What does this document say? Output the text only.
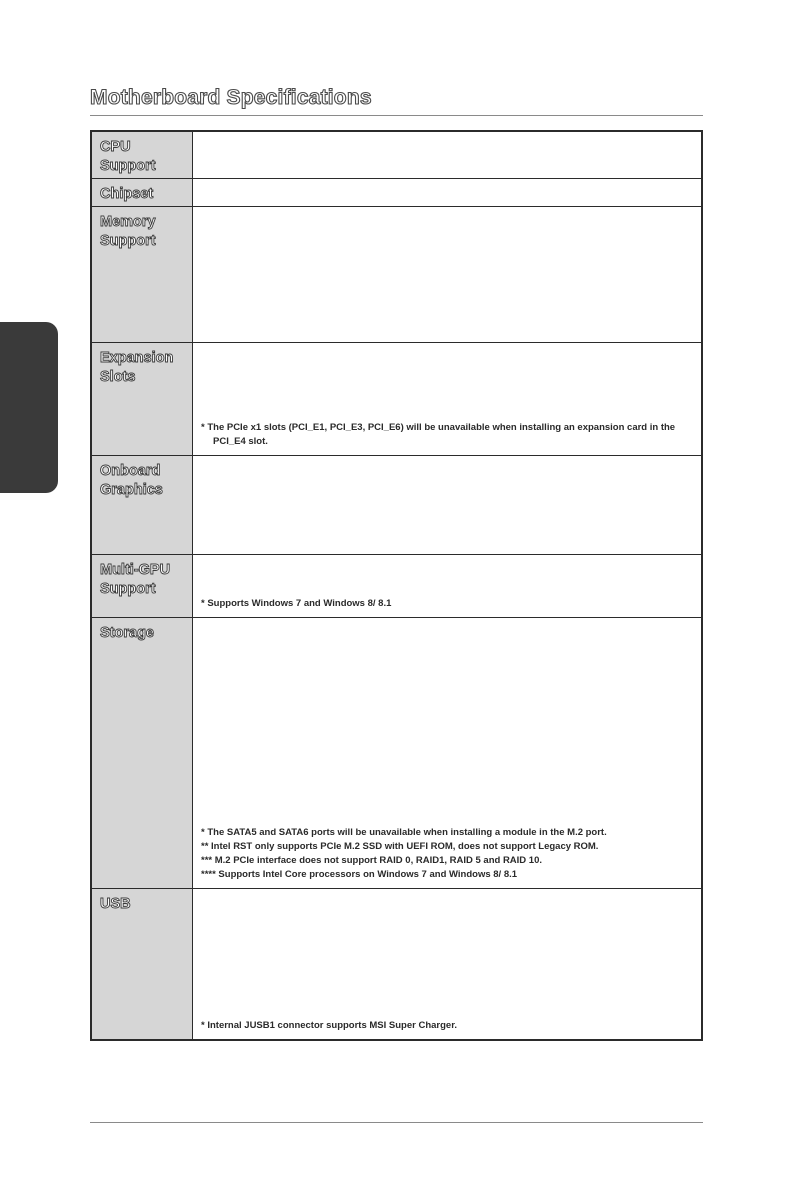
Motherboard Specifications
CPU
Support	

Chipset	

Memory
Support	

Expansion
Slots	* The PCIe x1 slots (PCI_E1, PCI_E3, PCI_E6) will be unavailable when installing an expansion card in the PCI_E4 slot.

Onboard
Graphics	

Multi-GPU
Support	* Supports Windows 7 and Windows 8/ 8.1

Storage	* The SATA5 and SATA6 ports will be unavailable when installing a module in the M.2 port.
** Intel RST only supports PCIe M.2 SSD with UEFI ROM, does not support Legacy ROM.
*** M.2 PCIe interface does not support RAID 0, RAID1, RAID 5 and RAID 10.
**** Supports Intel Core processors on Windows 7 and Windows 8/ 8.1

USB	* Internal JUSB1 connector supports MSI Super Charger.
